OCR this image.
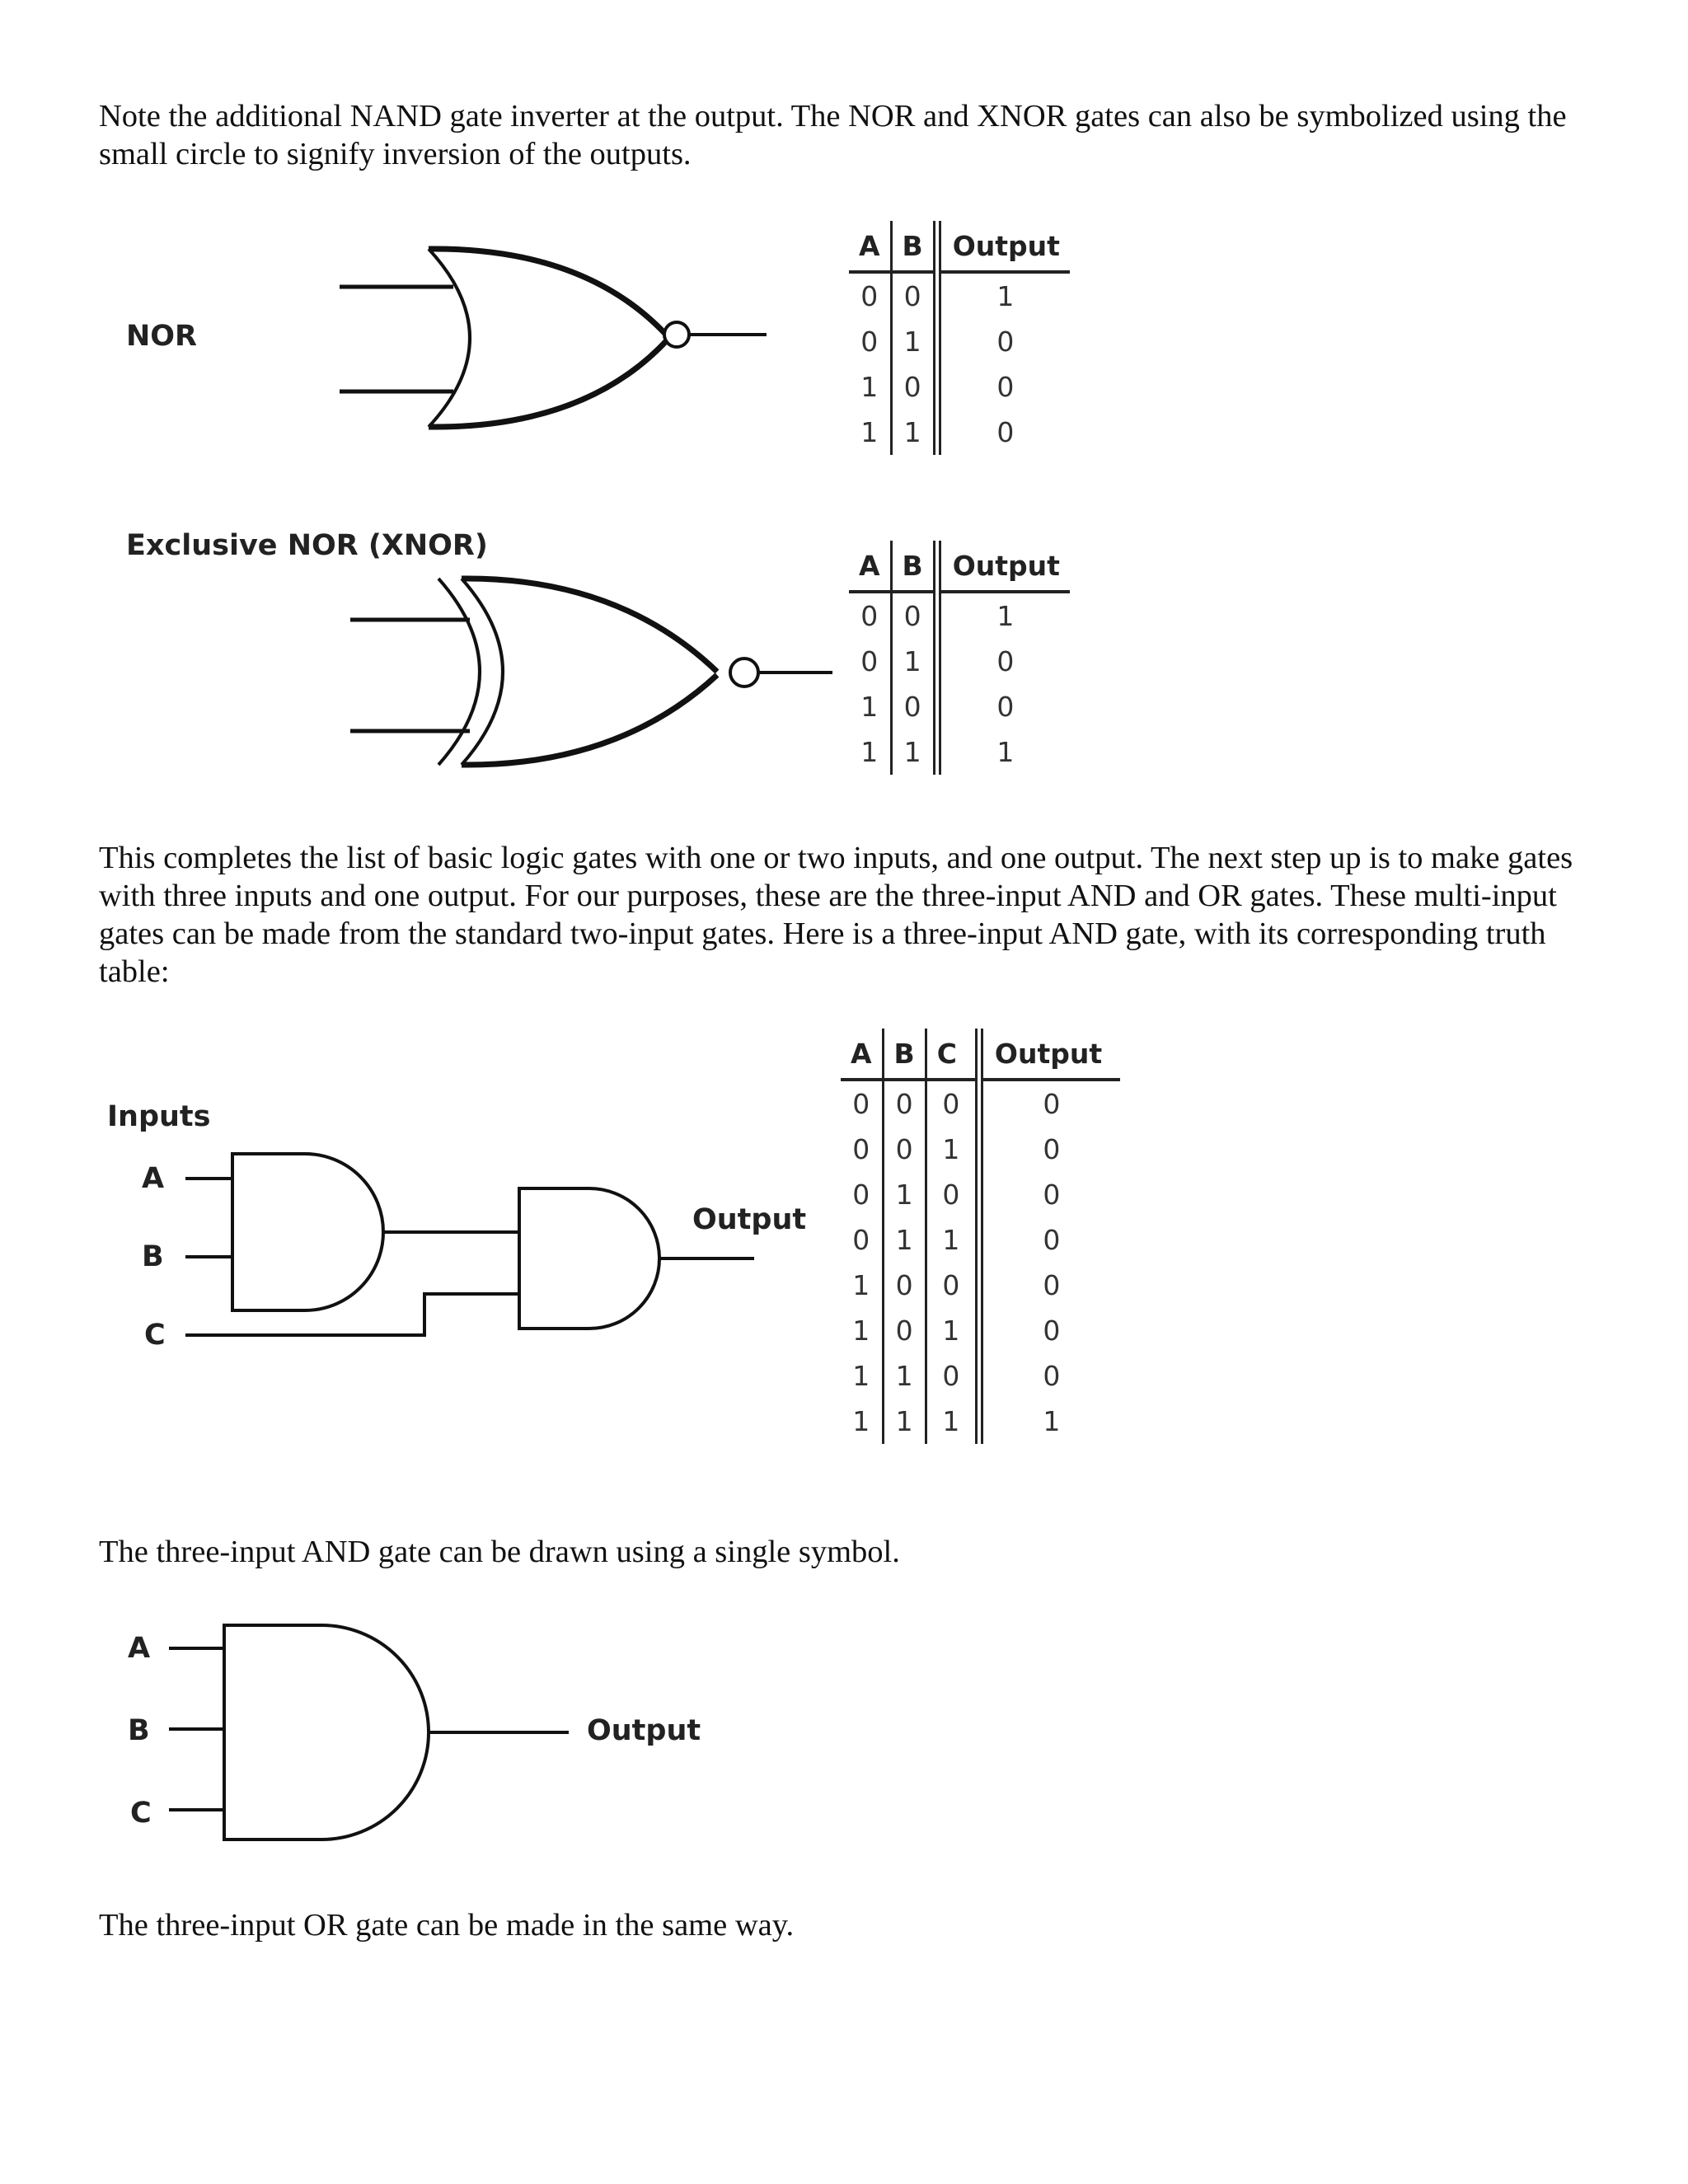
Note the additional NAND gate inverter at the output. The NOR and XNOR gates can also be symbolized using the small circle to signify inversion of the outputs.

NOR
A	B	Output
0	0	1
0	1	0
1	0	0
1	1	0
Exclusive NOR (XNOR)
A	B	Output
0	0	1
0	1	0
1	0	0
1	1	1

This completes the list of basic logic gates with one or two inputs, and one output. The next step up is to make gates with three inputs and one output. For our purposes, these are the three-input AND and OR gates. These multi-input gates can be made from the standard two-input gates. Here is a three-input AND gate, with its corresponding truth table:

Inputs
A
B
C
Output
A	B	C	Output
0	0	0	0
0	0	1	0
0	1	0	0
0	1	1	0
1	0	0	0
1	0	1	0
1	1	0	0
1	1	1	1

The three-input AND gate can be drawn using a single symbol.

A
B
C
Output

The three-input OR gate can be made in the same way.
